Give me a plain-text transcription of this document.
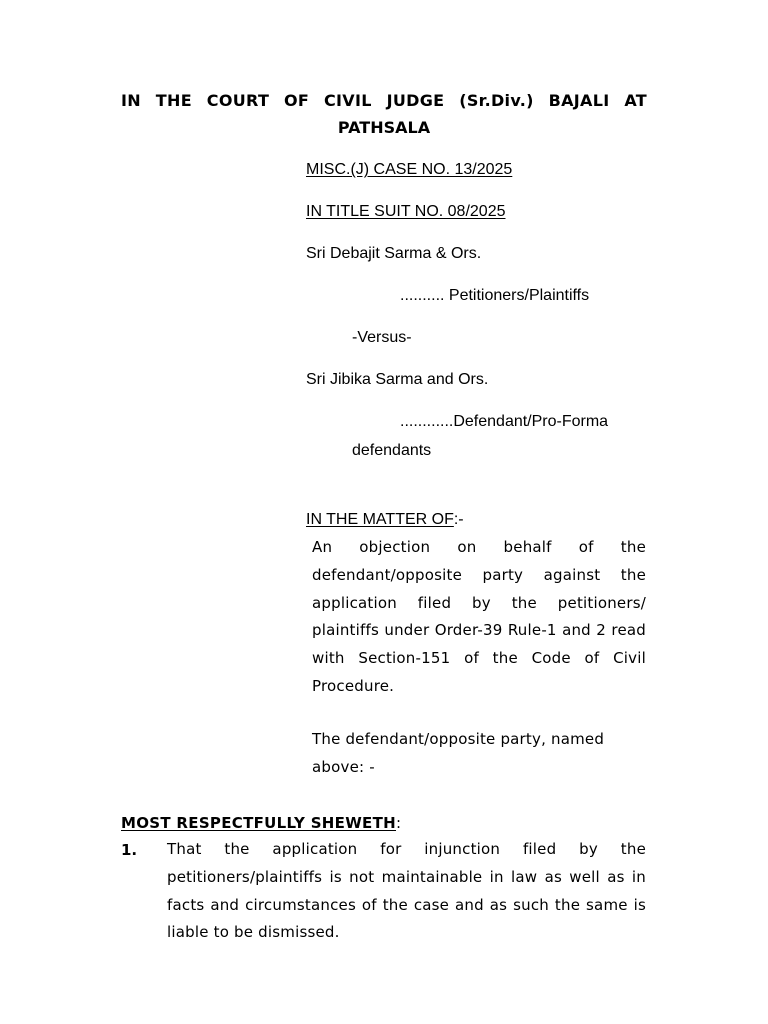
IN THE COURT OF CIVIL JUDGE (Sr.Div.) BAJALI AT
PATHSALA
MISC.(J) CASE NO. 13/2025
IN TITLE SUIT NO. 08/2025
Sri Debajit Sarma & Ors.
.......... Petitioners/Plaintiffs
-Versus-
Sri Jibika Sarma and Ors.
............Defendant/Pro-Forma
defendants
IN THE MATTER OF:-
An objection on behalf of the defendant/opposite party against the application filed by the petitioners/ plaintiffs under Order-39 Rule-1 and 2 read with Section-151 of the Code of Civil Procedure.
The defendant/opposite party, named above: -
MOST RESPECTFULLY SHEWETH:
1. That the application for injunction filed by the petitioners/plaintiffs is not maintainable in law as well as in facts and circumstances of the case and as such the same is liable to be dismissed.
